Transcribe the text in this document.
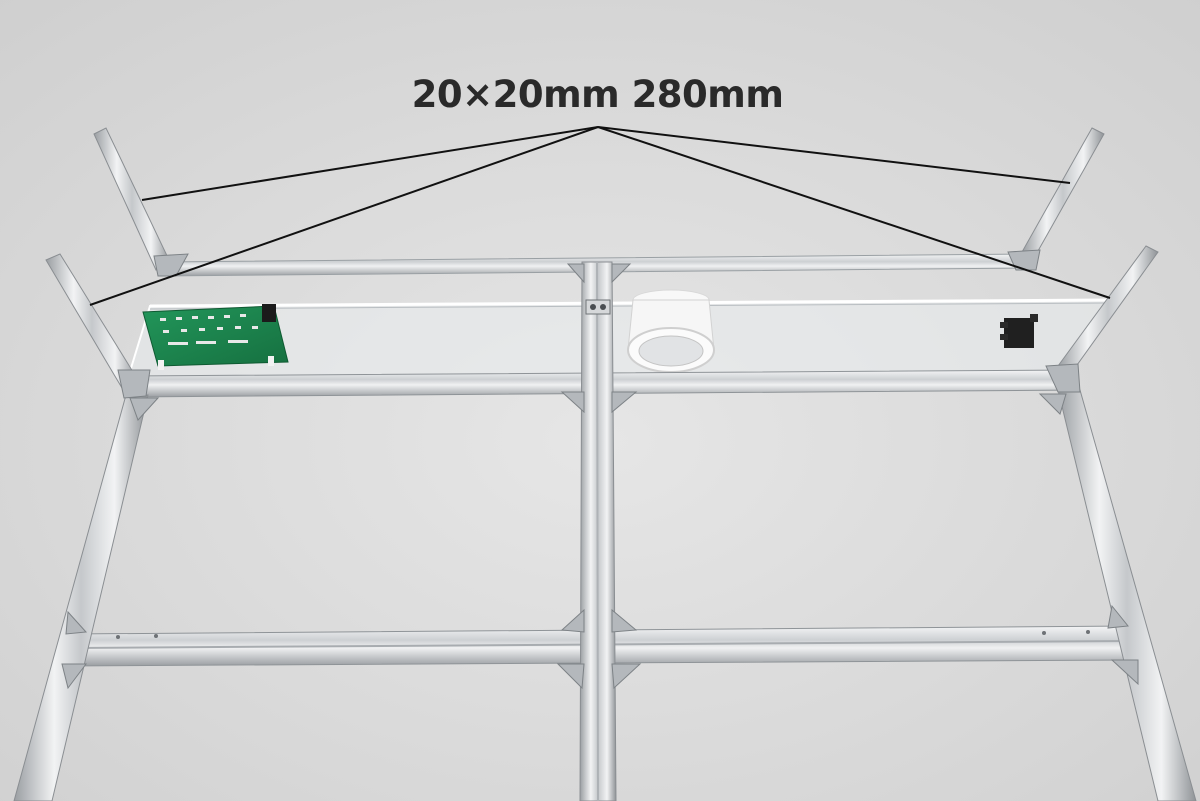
20×20mm 280mm
